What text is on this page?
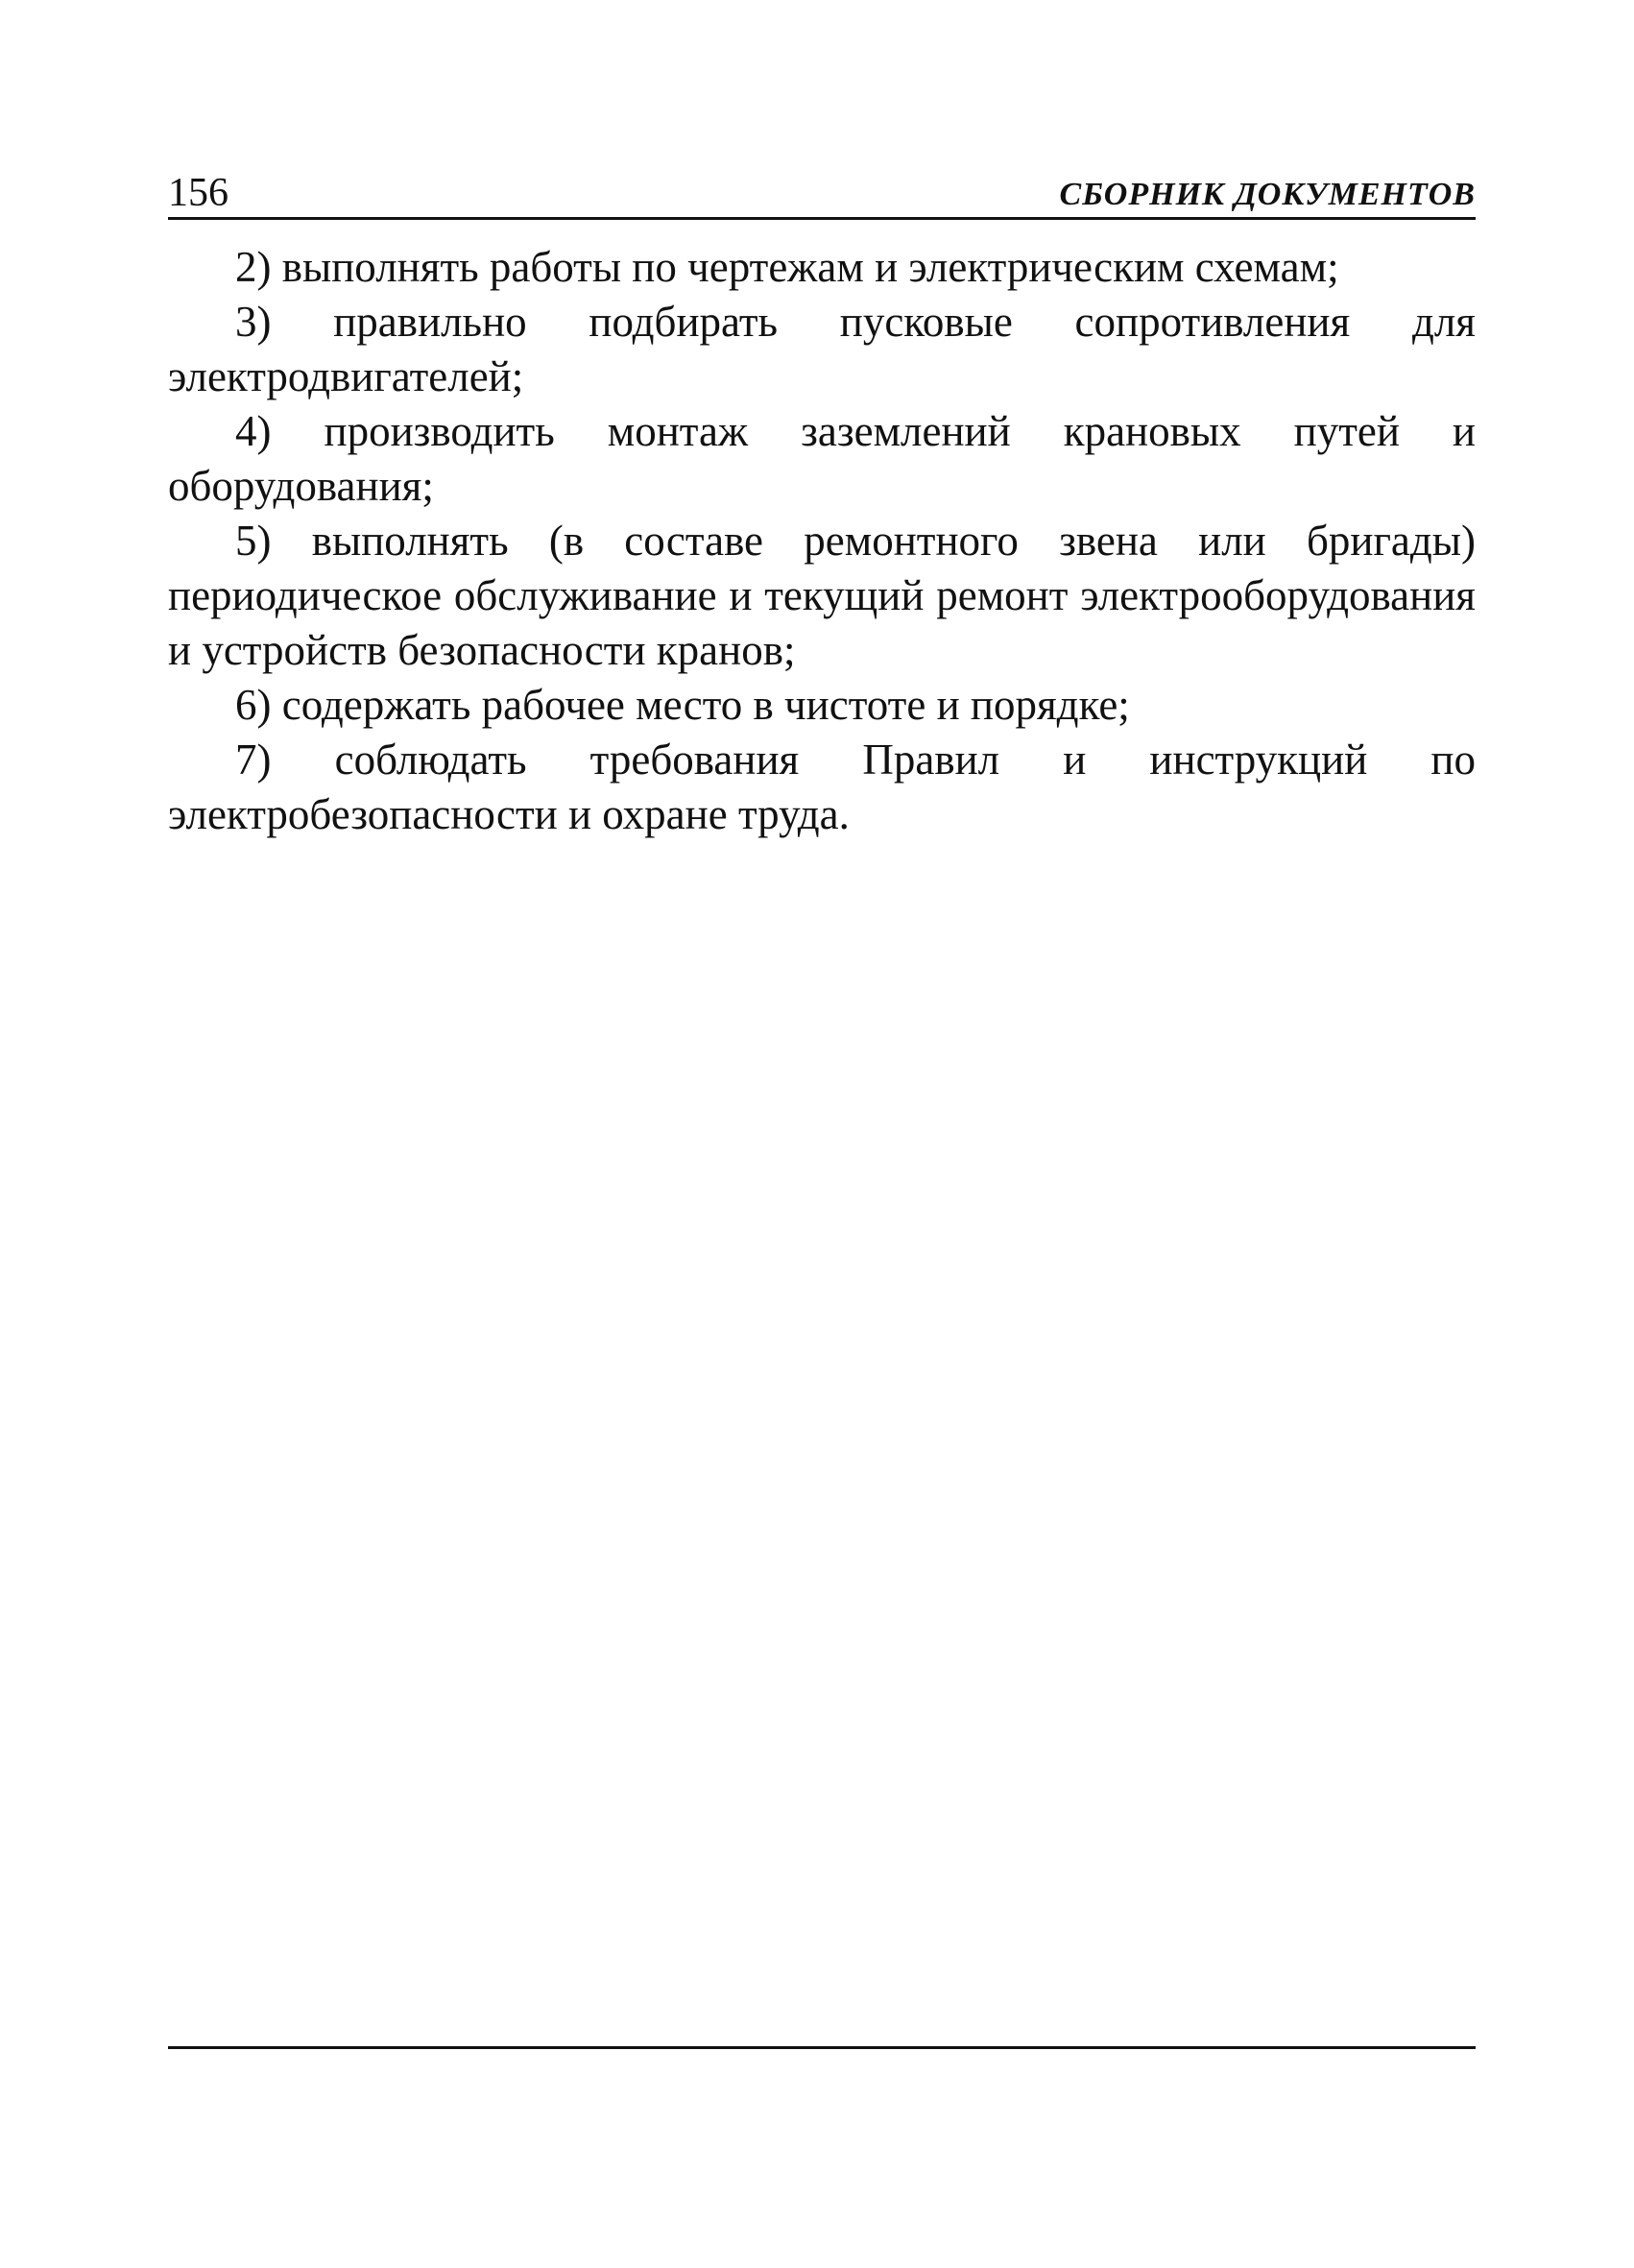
156	СБОРНИК ДОКУМЕНТОВ

2) выполнять работы по чертежам и электрическим схемам;

3) правильно подбирать пусковые сопротивления для электродвигателей;

4) производить монтаж заземлений крановых путей и оборудования;

5) выполнять (в составе ремонтного звена или бригады) периодическое обслуживание и текущий ремонт электрооборудования и устройств безопасности кранов;

6) содержать рабочее место в чистоте и порядке;

7) соблюдать требования Правил и инструкций по электробезопасности и охране труда.
